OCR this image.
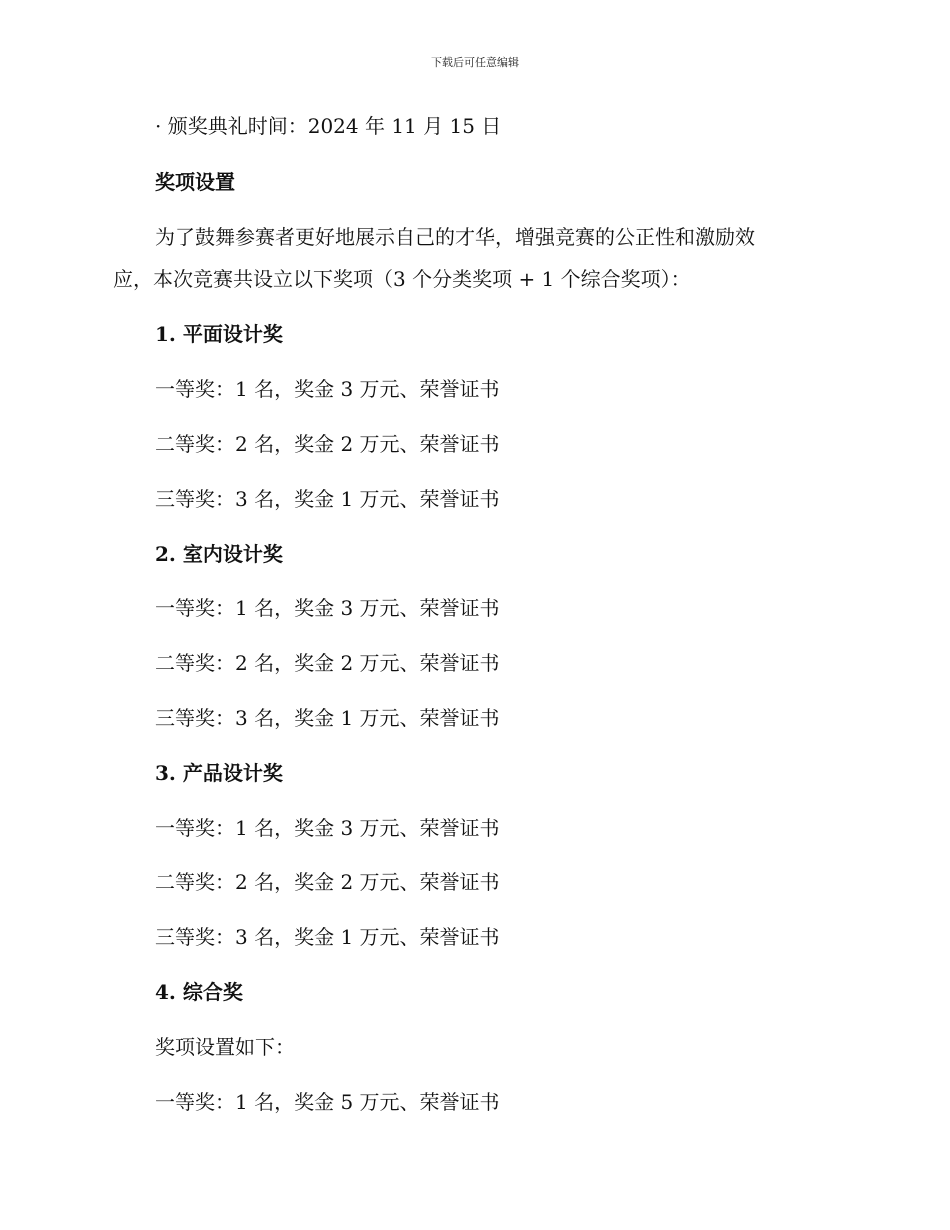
下载后可任意编辑
· 颁奖典礼时间：2024 年 11 月 15 日
奖项设置
为了鼓舞参赛者更好地展示自己的才华，增强竞赛的公正性和激励效
应，本次竞赛共设立以下奖项（3 个分类奖项 + 1 个综合奖项）：
1. 平面设计奖
一等奖：1 名，奖金 3 万元、荣誉证书
二等奖：2 名，奖金 2 万元、荣誉证书
三等奖：3 名，奖金 1 万元、荣誉证书
2. 室内设计奖
一等奖：1 名，奖金 3 万元、荣誉证书
二等奖：2 名，奖金 2 万元、荣誉证书
三等奖：3 名，奖金 1 万元、荣誉证书
3. 产品设计奖
一等奖：1 名，奖金 3 万元、荣誉证书
二等奖：2 名，奖金 2 万元、荣誉证书
三等奖：3 名，奖金 1 万元、荣誉证书
4. 综合奖
奖项设置如下：
一等奖：1 名，奖金 5 万元、荣誉证书
